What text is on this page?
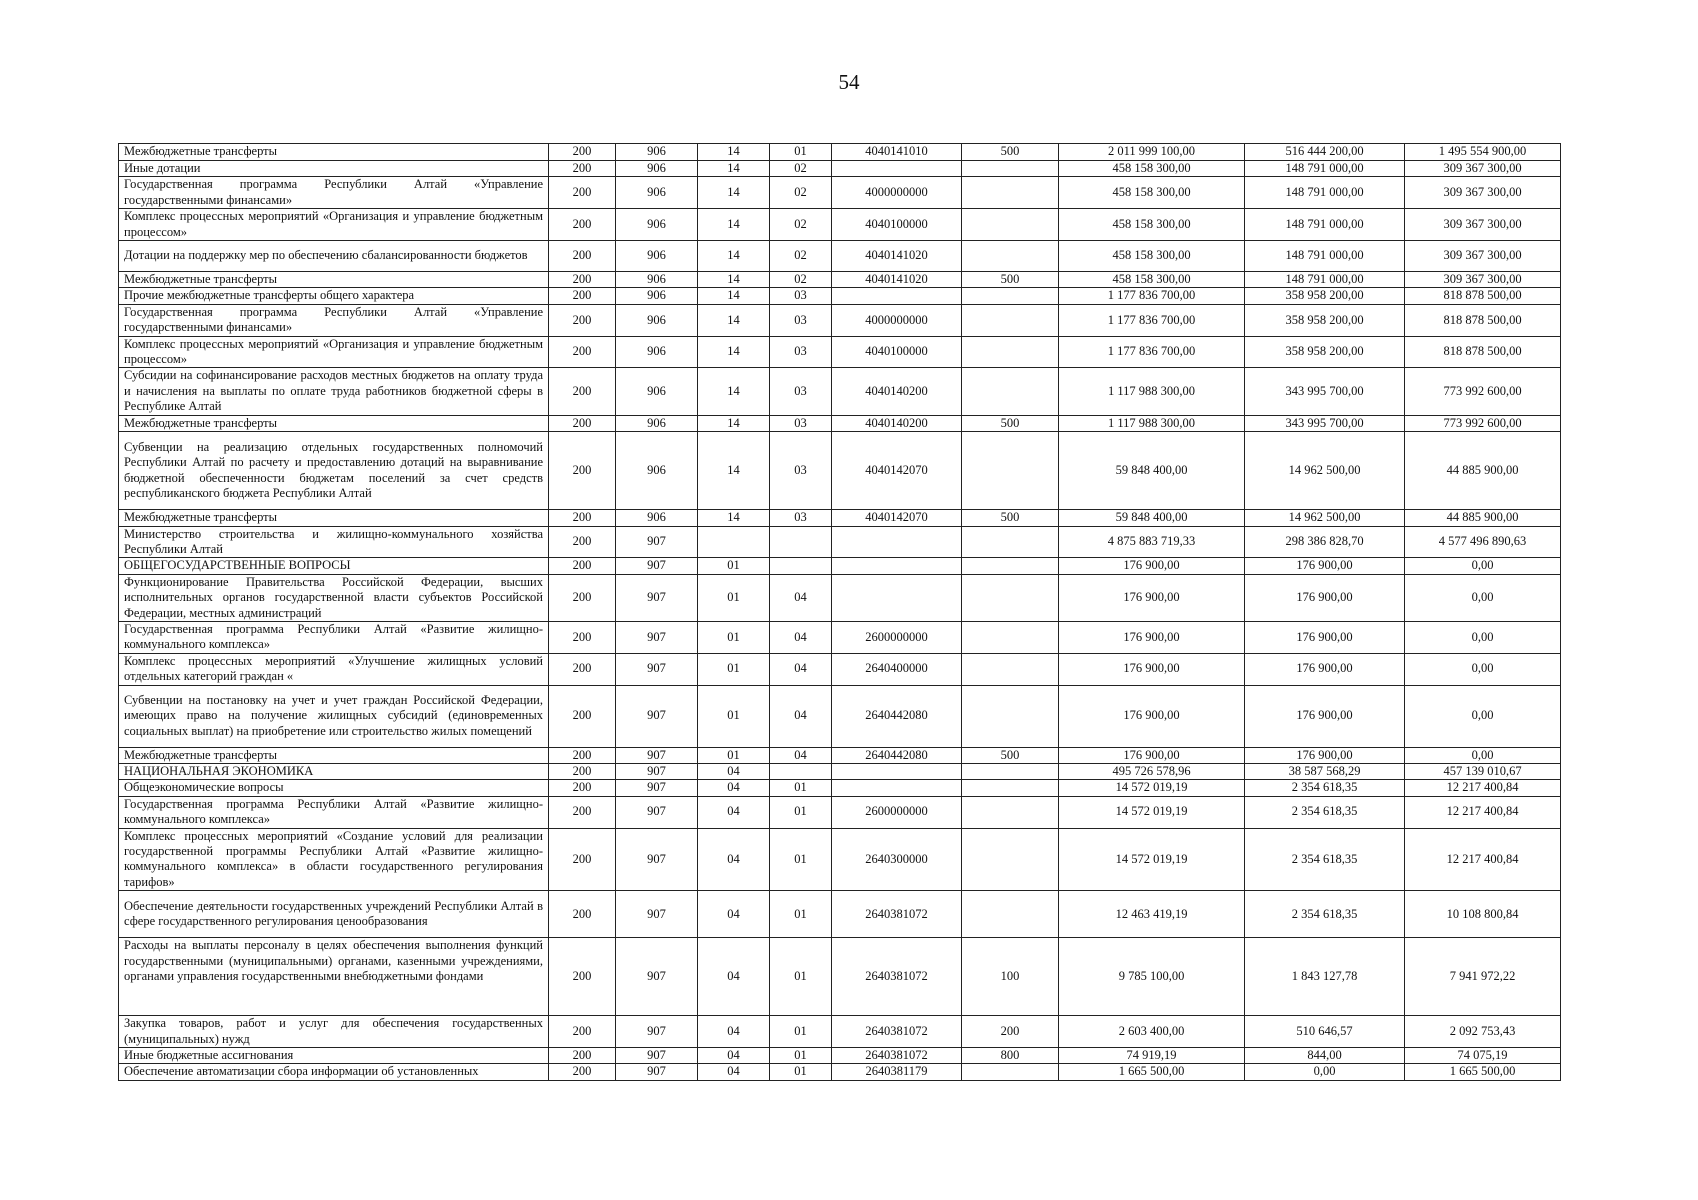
54
Межбюджетные трансферты	200	906	14	01	4040141010	500	2 011 999 100,00	516 444 200,00	1 495 554 900,00
Иные дотации	200	906	14	02			458 158 300,00	148 791 000,00	309 367 300,00
Государственная программа Республики Алтай «Управление государственными финансами»	200	906	14	02	4000000000		458 158 300,00	148 791 000,00	309 367 300,00
Комплекс процессных мероприятий «Организация и управление бюджетным процессом»	200	906	14	02	4040100000		458 158 300,00	148 791 000,00	309 367 300,00
Дотации на поддержку мер по обеспечению сбалансированности бюджетов	200	906	14	02	4040141020		458 158 300,00	148 791 000,00	309 367 300,00
Межбюджетные трансферты	200	906	14	02	4040141020	500	458 158 300,00	148 791 000,00	309 367 300,00
Прочие межбюджетные трансферты общего характера	200	906	14	03			1 177 836 700,00	358 958 200,00	818 878 500,00
Государственная программа Республики Алтай «Управление государственными финансами»	200	906	14	03	4000000000		1 177 836 700,00	358 958 200,00	818 878 500,00
Комплекс процессных мероприятий «Организация и управление бюджетным процессом»	200	906	14	03	4040100000		1 177 836 700,00	358 958 200,00	818 878 500,00
Субсидии на софинансирование расходов местных бюджетов на оплату труда и начисления на выплаты по оплате труда работников бюджетной сферы в Республике Алтай	200	906	14	03	4040140200		1 117 988 300,00	343 995 700,00	773 992 600,00
Межбюджетные трансферты	200	906	14	03	4040140200	500	1 117 988 300,00	343 995 700,00	773 992 600,00
Субвенции на реализацию отдельных государственных полномочий Республики Алтай по расчету и предоставлению дотаций на выравнивание бюджетной обеспеченности бюджетам поселений за счет средств республиканского бюджета Республики Алтай	200	906	14	03	4040142070		59 848 400,00	14 962 500,00	44 885 900,00
Межбюджетные трансферты	200	906	14	03	4040142070	500	59 848 400,00	14 962 500,00	44 885 900,00
Министерство строительства и жилищно-коммунального хозяйства Республики Алтай	200	907					4 875 883 719,33	298 386 828,70	4 577 496 890,63
ОБЩЕГОСУДАРСТВЕННЫЕ ВОПРОСЫ	200	907	01				176 900,00	176 900,00	0,00
Функционирование Правительства Российской Федерации, высших исполнительных органов государственной власти субъектов Российской Федерации, местных администраций	200	907	01	04			176 900,00	176 900,00	0,00
Государственная программа Республики Алтай «Развитие жилищно-коммунального комплекса»	200	907	01	04	2600000000		176 900,00	176 900,00	0,00
Комплекс процессных мероприятий «Улучшение жилищных условий отдельных категорий граждан «	200	907	01	04	2640400000		176 900,00	176 900,00	0,00
Субвенции на постановку на учет и учет граждан Российской Федерации, имеющих право на получение жилищных субсидий (единовременных социальных выплат) на приобретение или строительство жилых помещений	200	907	01	04	2640442080		176 900,00	176 900,00	0,00
Межбюджетные трансферты	200	907	01	04	2640442080	500	176 900,00	176 900,00	0,00
НАЦИОНАЛЬНАЯ ЭКОНОМИКА	200	907	04				495 726 578,96	38 587 568,29	457 139 010,67
Общеэкономические вопросы	200	907	04	01			14 572 019,19	2 354 618,35	12 217 400,84
Государственная программа Республики Алтай «Развитие жилищно-коммунального комплекса»	200	907	04	01	2600000000		14 572 019,19	2 354 618,35	12 217 400,84
Комплекс процессных мероприятий «Создание условий для реализации государственной программы Республики Алтай «Развитие жилищно-коммунального комплекса» в области государственного регулирования тарифов»	200	907	04	01	2640300000		14 572 019,19	2 354 618,35	12 217 400,84
Обеспечение деятельности государственных учреждений Республики Алтай в сфере государственного регулирования ценообразования	200	907	04	01	2640381072		12 463 419,19	2 354 618,35	10 108 800,84
Расходы на выплаты персоналу в целях обеспечения выполнения функций государственными (муниципальными) органами, казенными учреждениями, органами управления государственными внебюджетными фондами	200	907	04	01	2640381072	100	9 785 100,00	1 843 127,78	7 941 972,22
Закупка товаров, работ и услуг для обеспечения государственных (муниципальных) нужд	200	907	04	01	2640381072	200	2 603 400,00	510 646,57	2 092 753,43
Иные бюджетные ассигнования	200	907	04	01	2640381072	800	74 919,19	844,00	74 075,19
Обеспечение автоматизации сбора информации об установленных	200	907	04	01	2640381179		1 665 500,00	0,00	1 665 500,00
